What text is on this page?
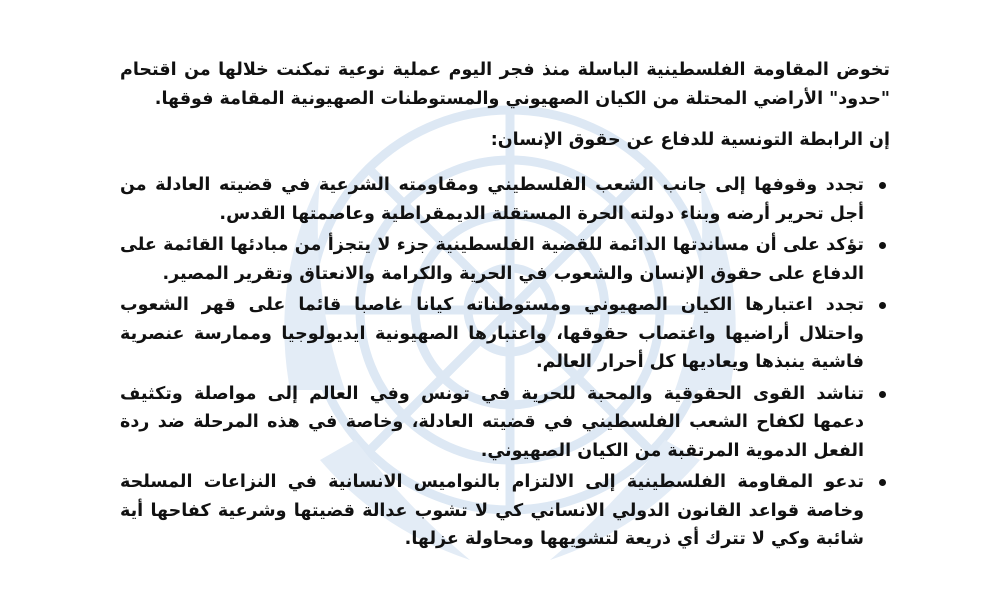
تخوض المقاومة الفلسطينية الباسلة منذ فجر اليوم عملية نوعية تمكنت خلالها من اقتحام "حدود" الأراضي المحتلة من الكيان الصهيوني والمستوطنات الصهيونية المقامة فوقها.

إن الرابطة التونسية للدفاع عن حقوق الإنسان:

تجدد وقوفها إلى جانب الشعب الفلسطيني ومقاومته الشرعية في قضيته العادلة من أجل تحرير أرضه وبناء دولته الحرة المستقلة الديمقراطية وعاصمتها القدس.
تؤكد على أن مساندتها الدائمة للقضية الفلسطينية جزء لا يتجزأ من مبادئها القائمة على الدفاع على حقوق الإنسان والشعوب في الحرية والكرامة والانعتاق وتقرير المصير.
تجدد اعتبارها الكيان الصهيوني ومستوطناته كيانا غاصبا قائما على قهر الشعوب واحتلال أراضيها واغتصاب حقوقها، واعتبارها الصهيونية ايديولوجيا وممارسة عنصرية فاشية ينبذها ويعاديها كل أحرار العالم.
تناشد القوى الحقوقية والمحبة للحرية في تونس وفي العالم إلى مواصلة وتكثيف دعمها لكفاح الشعب الفلسطيني في قضيته العادلة، وخاصة في هذه المرحلة ضد ردة الفعل الدموية المرتقبة من الكيان الصهيوني.
تدعو المقاومة الفلسطينية إلى الالتزام بالنواميس الانسانية في النزاعات المسلحة وخاصة قواعد القانون الدولي الانساني كي لا تشوب عدالة قضيتها وشرعية كفاحها أية شائبة وكي لا تترك أي ذريعة لتشويهها ومحاولة عزلها.
